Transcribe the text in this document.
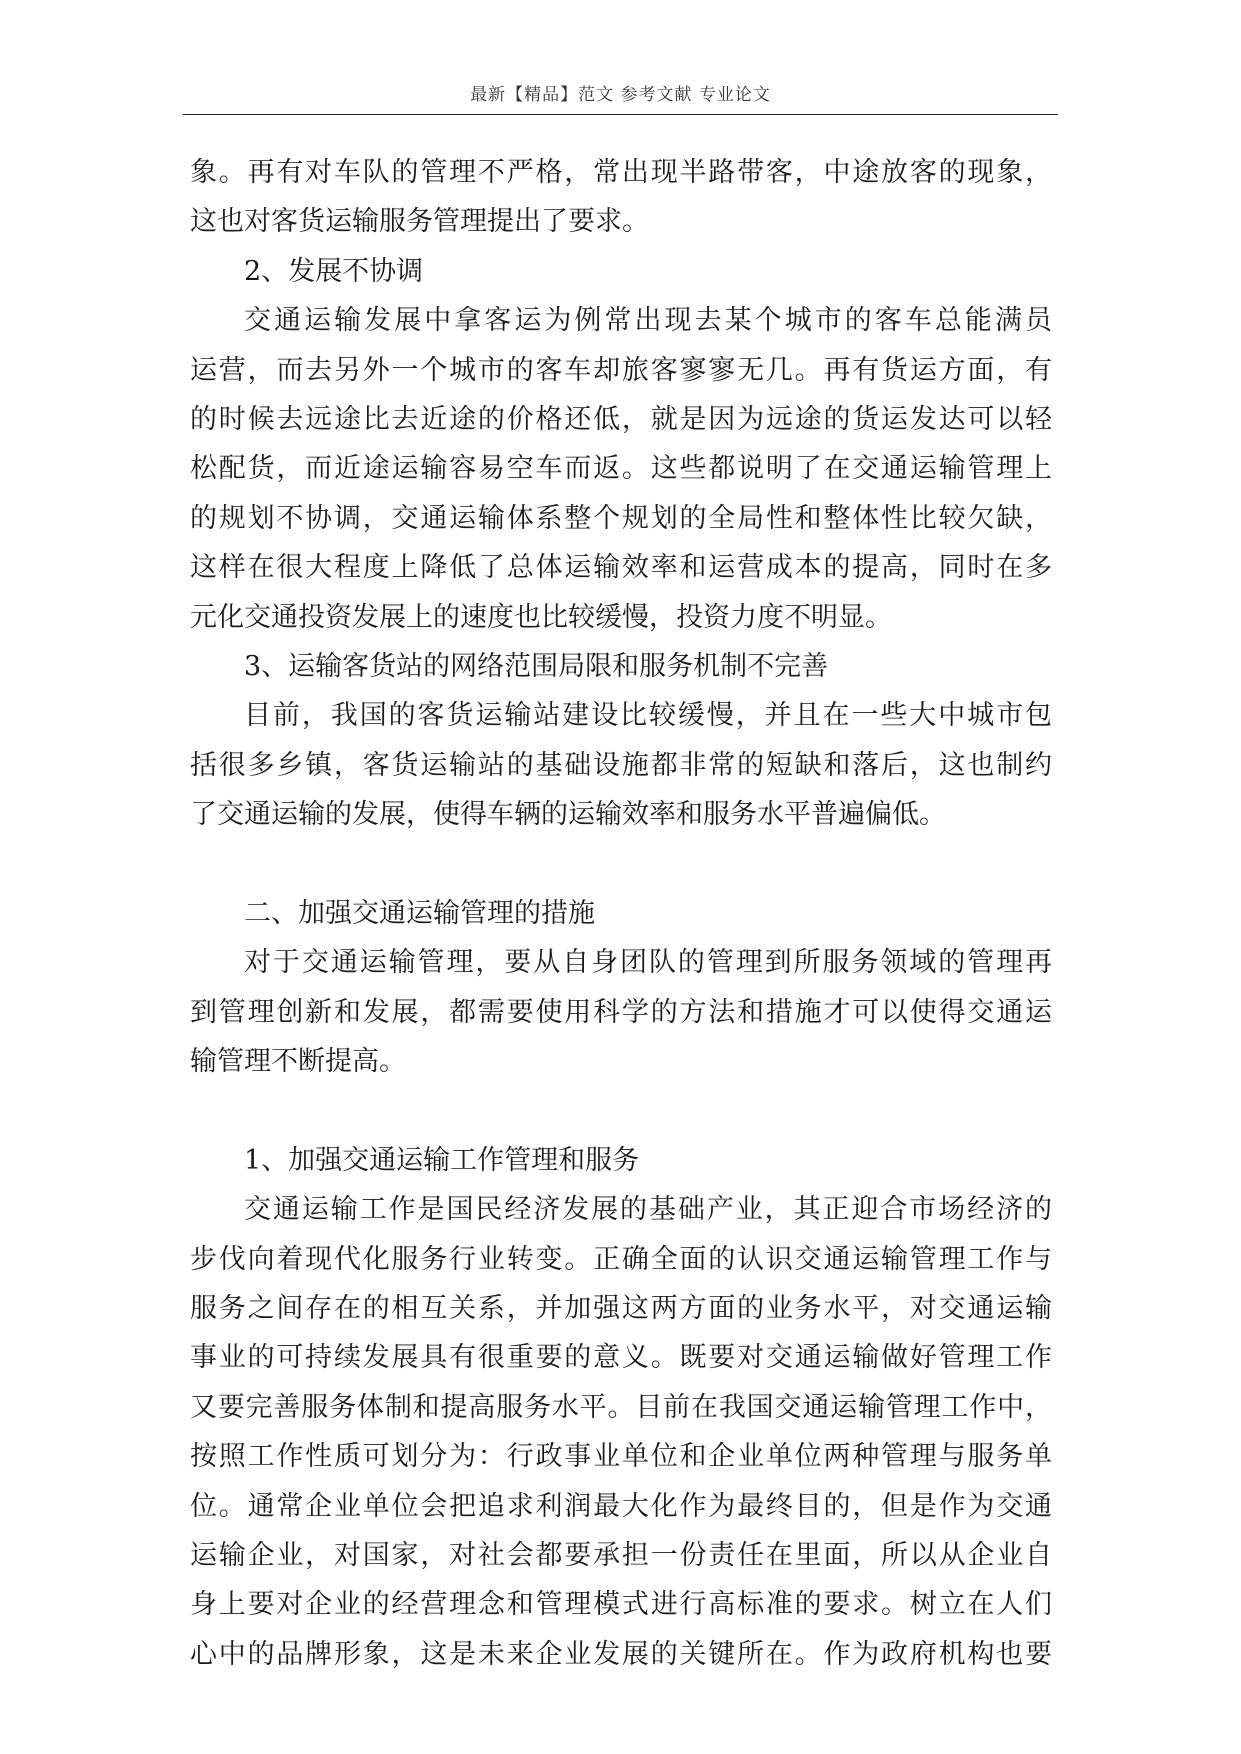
最新【精品】范文 参考文献 专业论文
象。再有对车队的管理不严格，常出现半路带客，中途放客的现象，
这也对客货运输服务管理提出了要求。
2、发展不协调
交通运输发展中拿客运为例常出现去某个城市的客车总能满员
运营，而去另外一个城市的客车却旅客寥寥无几。再有货运方面，有
的时候去远途比去近途的价格还低，就是因为远途的货运发达可以轻
松配货，而近途运输容易空车而返。这些都说明了在交通运输管理上
的规划不协调，交通运输体系整个规划的全局性和整体性比较欠缺，
这样在很大程度上降低了总体运输效率和运营成本的提高，同时在多
元化交通投资发展上的速度也比较缓慢，投资力度不明显。
3、运输客货站的网络范围局限和服务机制不完善
目前，我国的客货运输站建设比较缓慢，并且在一些大中城市包
括很多乡镇，客货运输站的基础设施都非常的短缺和落后，这也制约
了交通运输的发展，使得车辆的运输效率和服务水平普遍偏低。
二、加强交通运输管理的措施
对于交通运输管理，要从自身团队的管理到所服务领域的管理再
到管理创新和发展，都需要使用科学的方法和措施才可以使得交通运
输管理不断提高。
1、加强交通运输工作管理和服务
交通运输工作是国民经济发展的基础产业，其正迎合市场经济的
步伐向着现代化服务行业转变。正确全面的认识交通运输管理工作与
服务之间存在的相互关系，并加强这两方面的业务水平，对交通运输
事业的可持续发展具有很重要的意义。既要对交通运输做好管理工作
又要完善服务体制和提高服务水平。目前在我国交通运输管理工作中，
按照工作性质可划分为：行政事业单位和企业单位两种管理与服务单
位。通常企业单位会把追求利润最大化作为最终目的，但是作为交通
运输企业，对国家，对社会都要承担一份责任在里面，所以从企业自
身上要对企业的经营理念和管理模式进行高标准的要求。树立在人们
心中的品牌形象，这是未来企业发展的关键所在。作为政府机构也要
